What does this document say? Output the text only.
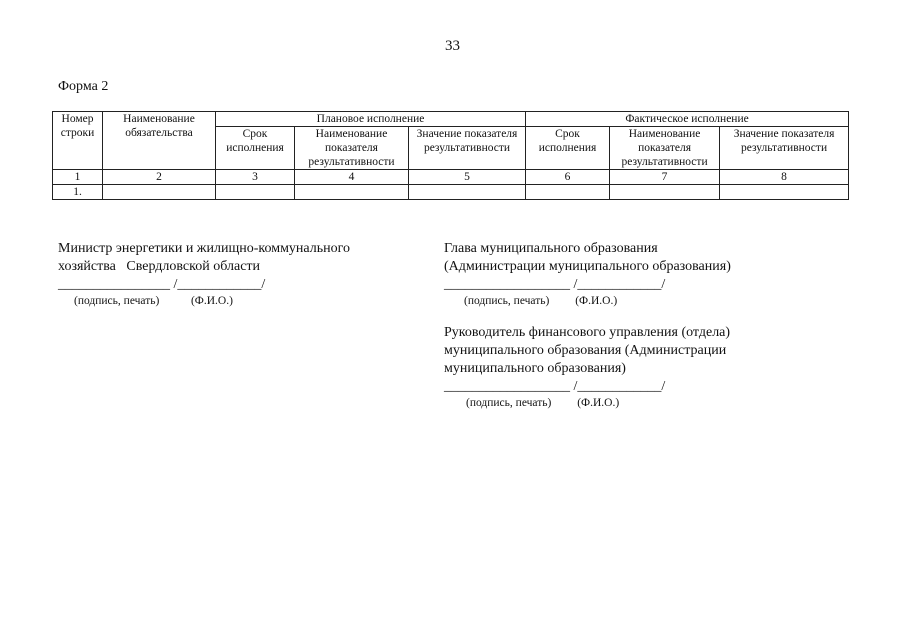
33
Форма 2
Номер строки	Наименование обязательства	Плановое исполнение			Фактическое исполнение		
		Срок исполнения	Наименование показателя результативности	Значение показателя результативности	Срок исполнения	Наименование показателя результативности	Значение показателя результативности
1	2	3	4	5	6	7	8
1.							
Министр энергетики и жилищно-коммунального
хозяйства   Свердловской области
________________ /____________/
(подпись, печать)           (Ф.И.О.)
Глава муниципального образования
(Администрации муниципального образования)
__________________ /____________/
(подпись, печать)         (Ф.И.О.)
Руководитель финансового управления (отдела)
муниципального образования (Администрации
муниципального образования)
__________________ /____________/
(подпись, печать)         (Ф.И.О.)
